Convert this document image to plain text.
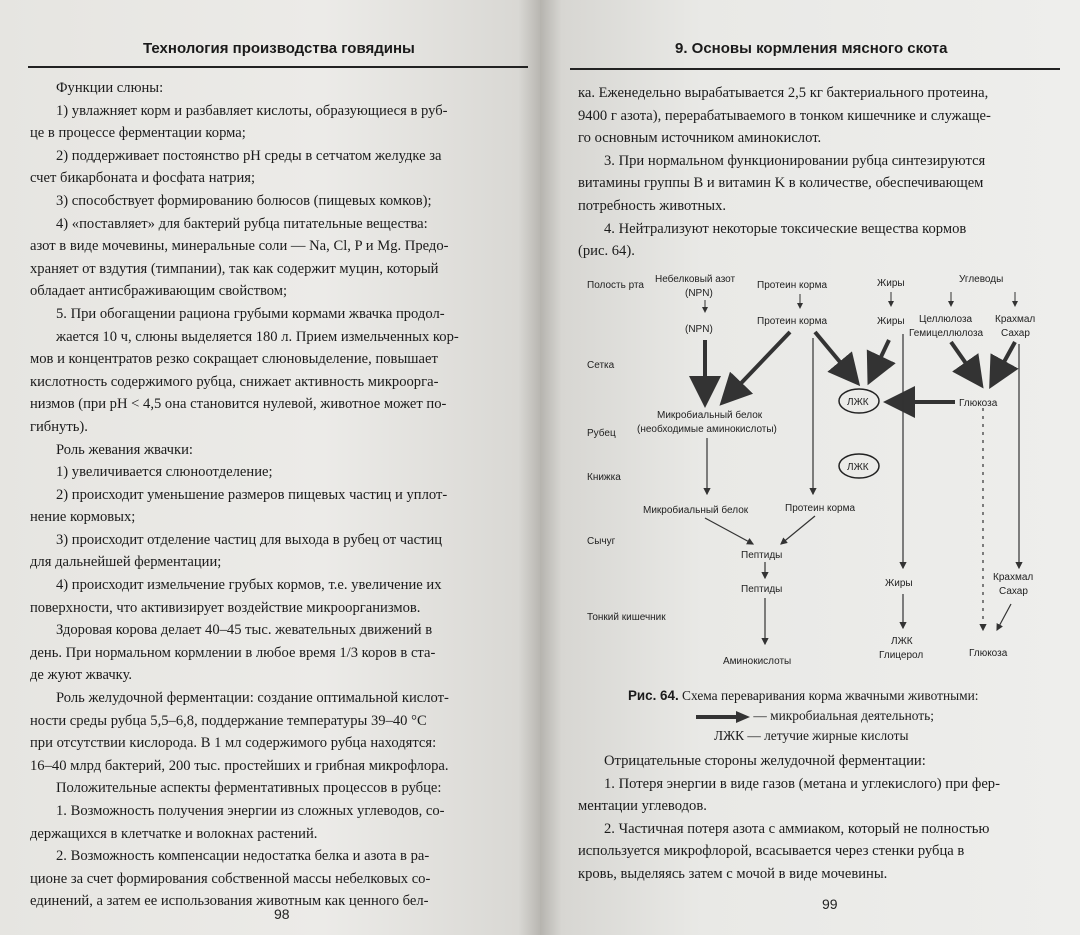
Технология производства говядины

Функции слюны:

1) увлажняет корм и разбавляет кислоты, образующиеся в руб-

це в процессе ферментации корма;

2) поддерживает постоянство pH среды в сетчатом желудке за

счет бикарбоната и фосфата натрия;

3) способствует формированию болюсов (пищевых комков);

4) «поставляет» для бактерий рубца питательные вещества:

азот в виде мочевины, минеральные соли — Na, Cl, P и Mg. Предо-

храняет от вздутия (тимпании), так как содержит муцин, который

обладает антисбраживающим свойством;

5. При обогащении рациона грубыми кормами жвачка продол-

жается 10 ч, слюны выделяется 180 л. Прием измельченных кор-

мов и концентратов резко сокращает слюновыделение, повышает

кислотность содержимого рубца, снижает активность микроорга-

низмов (при pH < 4,5 она становится нулевой, животное может по-

гибнуть).

Роль жевания жвачки:

1) увеличивается слюноотделение;

2) происходит уменьшение размеров пищевых частиц и уплот-

нение кормовых;

3) происходит отделение частиц для выхода в рубец от частиц

для дальнейшей ферментации;

4) происходит измельчение грубых кормов, т.е. увеличение их

поверхности, что активизирует воздействие микроорганизмов.

Здоровая корова делает 40–45 тыс. жевательных движений в

день. При нормальном кормлении в любое время 1/3 коров в ста-

де жуют жвачку.

Роль желудочной ферментации: создание оптимальной кислот-

ности среды рубца 5,5–6,8, поддержание температуры 39–40 °C

при отсутствии кислорода. В 1 мл содержимого рубца находятся:

16–40 млрд бактерий, 200 тыс. простейших и грибная микрофлора.

Положительные аспекты ферментативных процессов в рубце:

1. Возможность получения энергии из сложных углеводов, со-

держащихся в клетчатке и волокнах растений.

2. Возможность компенсации недостатка белка и азота в ра-

ционе за счет формирования собственной массы небелковых со-

единений, а затем ее использования животным как ценного бел-

98
9. Основы кормления мясного скота

ка. Еженедельно вырабатывается 2,5 кг бактериального протеина,

9400 г азота), перерабатываемого в тонком кишечнике и служаще-

го основным источником аминокислот.

3. При нормальном функционировании рубца синтезируются

витамины группы B и витамин K в количестве, обеспечивающем

потребность животных.

4. Нейтрализуют некоторые токсические вещества кормов

(рис. 64).

Рис. 64. Схема переваривания корма жвачными животными:
— микробиальная деятельноть;
ЛЖК — летучие жирные кислоты

Отрицательные стороны желудочной ферментации:

1. Потеря энергии в виде газов (метана и углекислого) при фер-

ментации углеводов.

2. Частичная потеря азота с аммиаком, который не полностью

используется микрофлорой, всасывается через стенки рубца в

кровь, выделяясь затем с мочой в виде мочевины.

99
Полость рта
Сетка
Рубец
Книжка
Сычуг
Тонкий кишечник
Небелковый азот
(NPN)
Протеин корма	Жиры	Углеводы
(NPN)
Протеин корма	Жиры Целлюлоза
Гемицеллюлоза
Крахмал
Сахар
ЛЖК
ЛЖК
Глюкоза
Микробиальный белок
(необходимые аминокислоты)
Микробиальный белок	Протеин корма
Пептиды
Пептиды
Жиры
Крахмал
Сахар
Аминокислоты
ЛЖК
Глицерол	Глюкоза
